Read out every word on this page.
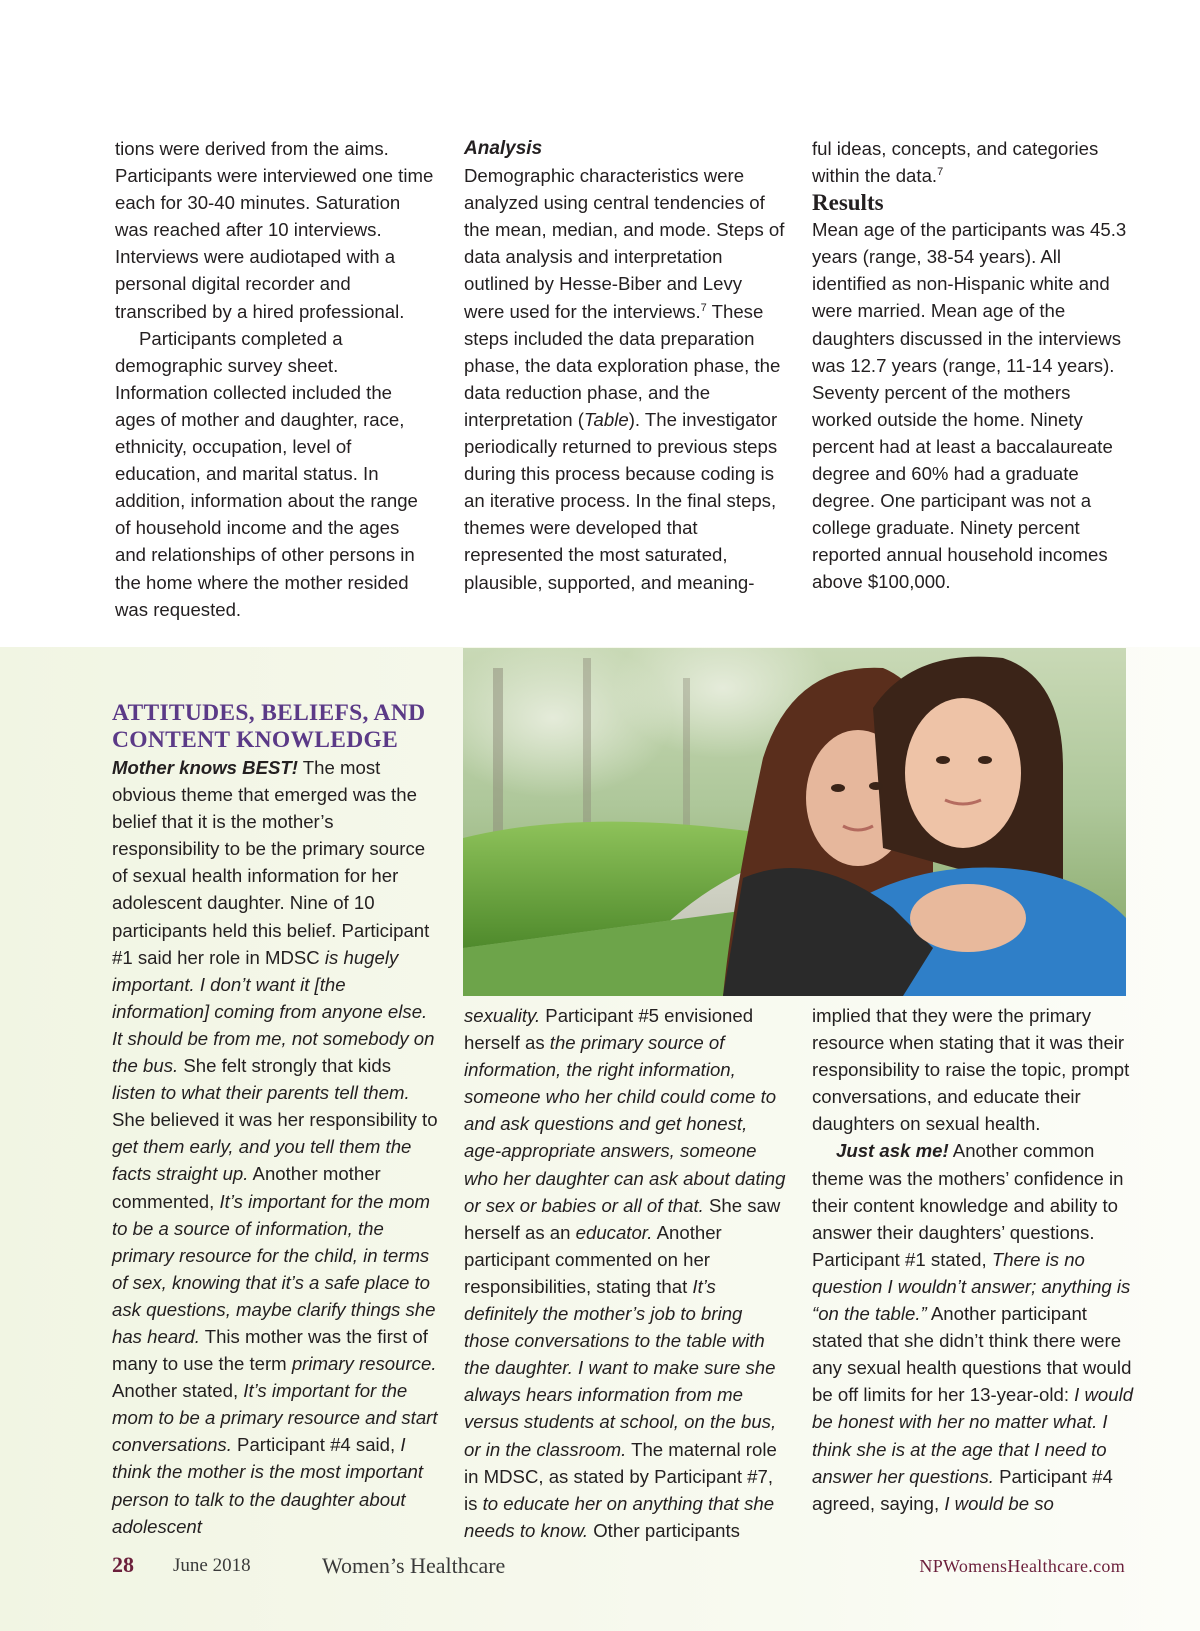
tions were derived from the aims. Participants were interviewed one time each for 30-40 minutes. Saturation was reached after 10 interviews. Interviews were audiotaped with a personal digital recorder and transcribed by a hired professional.

Participants completed a demographic survey sheet. Information collected included the ages of mother and daughter, race, ethnicity, occupation, level of education, and marital status. In addition, information about the range of household income and the ages and relationships of other persons in the home where the mother resided was requested.

Analysis

Demographic characteristics were analyzed using central tendencies of the mean, median, and mode. Steps of data analysis and interpretation outlined by Hesse-Biber and Levy were used for the interviews.$^7$ These steps included the data preparation phase, the data exploration phase, the data reduction phase, and the interpretation (Table). The investigator periodically returned to previous steps during this process because coding is an iterative process. In the final steps, themes were developed that represented the most saturated, plausible, supported, and meaning-

ful ideas, concepts, and categories within the data.$^7$

Results

Mean age of the participants was 45.3 years (range, 38-54 years). All identified as non-Hispanic white and were married. Mean age of the daughters discussed in the interviews was 12.7 years (range, 11-14 years). Seventy percent of the mothers worked outside the home. Ninety percent had at least a baccalaureate degree and 60% had a graduate degree. One participant was not a college graduate. Ninety percent reported annual household incomes above $100,000.

ATTITUDES, BELIEFS, AND
CONTENT KNOWLEDGE

Mother knows BEST! The most obvious theme that emerged was the belief that it is the mother’s responsibility to be the primary source of sexual health information for her adolescent daughter. Nine of 10 participants held this belief. Participant #1 said her role in MDSC is hugely important. I don’t want it [the information] coming from anyone else. It should be from me, not somebody on the bus. She felt strongly that kids listen to what their parents tell them. She believed it was her responsibility to get them early, and you tell them the facts straight up. Another mother commented, It’s important for the mom to be a source of information, the primary resource for the child, in terms of sex, knowing that it’s a safe place to ask questions, maybe clarify things she has heard. This mother was the first of many to use the term primary resource. Another stated, It’s important for the mom to be a primary resource and start conversations. Participant #4 said, I think the mother is the most important person to talk to the daughter about adolescent

sexuality. Participant #5 envisioned herself as the primary source of information, the right information, someone who her child could come to and ask questions and get honest, age-appropriate answers, someone who her daughter can ask about dating or sex or babies or all of that. She saw herself as an educator. Another participant commented on her responsibilities, stating that It’s definitely the mother’s job to bring those conversations to the table with the daughter. I want to make sure she always hears information from me versus students at school, on the bus, or in the classroom. The maternal role in MDSC, as stated by Participant #7, is to educate her on anything that she needs to know. Other participants

implied that they were the primary resource when stating that it was their responsibility to raise the topic, prompt conversations, and educate their daughters on sexual health.

Just ask me! Another common theme was the mothers’ confidence in their content knowledge and ability to answer their daughters’ questions. Participant #1 stated, There is no question I wouldn’t answer; anything is “on the table.” Another participant stated that she didn’t think there were any sexual health questions that would be off limits for her 13-year-old: I would be honest with her no matter what. I think she is at the age that I need to answer her questions. Participant #4 agreed, saying, I would be so

28 June 2018	Women’s Healthcare	NPWomensHealthcare.com
